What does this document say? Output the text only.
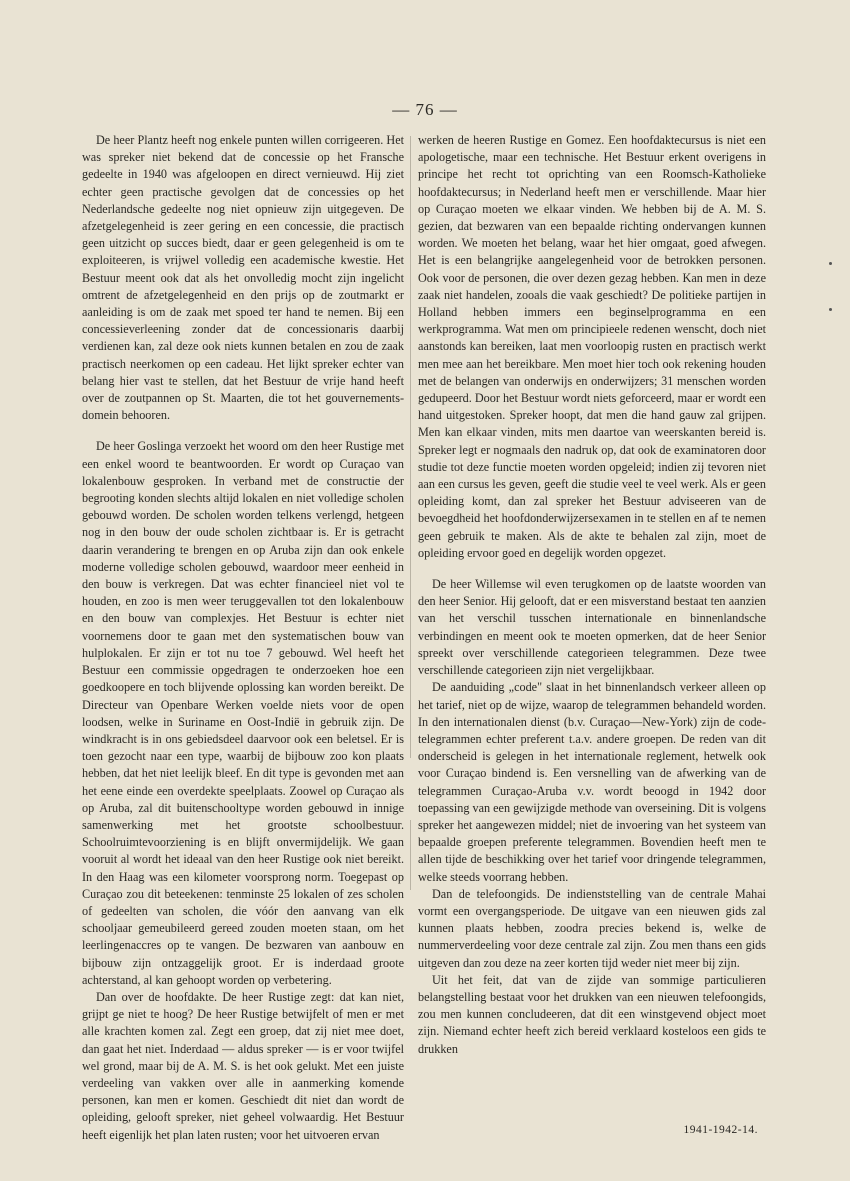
— 76 —

De heer Plantz heeft nog enkele punten willen corrigeeren. Het was spreker niet bekend dat de concessie op het Fransche gedeelte in 1940 was afgeloopen en direct vernieuwd. Hij ziet echter geen practische gevolgen dat de concessies op het Nederlandsche gedeelte nog niet opnieuw zijn uitgegeven. De afzetgelegenheid is zeer gering en een concessie, die practisch geen uitzicht op succes biedt, daar er geen gelegenheid is om te exploiteeren, is vrijwel volledig een academische kwestie. Het Bestuur meent ook dat als het onvolledig mocht zijn ingelicht omtrent de afzetgelegenheid en den prijs op de zoutmarkt er aanleiding is om de zaak met spoed ter hand te nemen. Bij een concessieverleening zonder dat de concessionaris daarbij verdienen kan, zal deze ook niets kunnen betalen en zou de zaak practisch neerkomen op een cadeau. Het lijkt spreker echter van belang hier vast te stellen, dat het Bestuur de vrije hand heeft over de zoutpannen op St. Maarten, die tot het gouvernements-domein behooren.

De heer Goslinga verzoekt het woord om den heer Rustige met een enkel woord te beantwoorden. Er wordt op Curaçao van lokalenbouw gesproken. In verband met de constructie der begrooting konden slechts altijd lokalen en niet volledige scholen gebouwd worden. De scholen worden telkens verlengd, hetgeen nog in den bouw der oude scholen zichtbaar is. Er is getracht daarin verandering te brengen en op Aruba zijn dan ook enkele moderne volledige scholen gebouwd, waardoor meer eenheid in den bouw is verkregen. Dat was echter financieel niet vol te houden, en zoo is men weer teruggevallen tot den lokalenbouw en den bouw van complexjes. Het Bestuur is echter niet voornemens door te gaan met den systematischen bouw van hulplokalen. Er zijn er tot nu toe 7 gebouwd. Wel heeft het Bestuur een commissie opgedragen te onderzoeken hoe een goedkoopere en toch blijvende oplossing kan worden bereikt. De Directeur van Openbare Werken voelde niets voor de open loodsen, welke in Suriname en Oost-Indië in gebruik zijn. De windkracht is in ons gebiedsdeel daarvoor ook een beletsel. Er is toen gezocht naar een type, waarbij de bijbouw zoo kon plaats hebben, dat het niet leelijk bleef. En dit type is gevonden met aan het eene einde een overdekte speelplaats. Zoowel op Curaçao als op Aruba, zal dit buitenschooltype worden gebouwd in innige samenwerking met het grootste schoolbestuur. Schoolruimtevoorziening is en blijft onvermijdelijk. We gaan vooruit al wordt het ideaal van den heer Rustige ook niet bereikt. In den Haag was een kilometer voorsprong norm. Toegepast op Curaçao zou dit beteekenen: tenminste 25 lokalen of zes scholen of gedeelten van scholen, die vóór den aanvang van elk schooljaar gemeubileerd gereed zouden moeten staan, om het leerlingenaccres op te vangen. De bezwaren van aanbouw en bijbouw zijn ontzaggelijk groot. Er is inderdaad groote achterstand, al kan gehoopt worden op verbetering.

Dan over de hoofdakte. De heer Rustige zegt: dat kan niet, grijpt ge niet te hoog? De heer Rustige betwijfelt of men er met alle krachten komen zal. Zegt een groep, dat zij niet mee doet, dan gaat het niet. Inderdaad — aldus spreker — is er voor twijfel wel grond, maar bij de A. M. S. is het ook gelukt. Met een juiste verdeeling van vakken over alle in aanmerking komende personen, kan men er komen. Geschiedt dit niet dan wordt de opleiding, gelooft spreker, niet geheel volwaardig. Het Bestuur heeft eigenlijk het plan laten rusten; voor het uitvoeren ervan

werken de heeren Rustige en Gomez. Een hoofdaktecursus is niet een apologetische, maar een technische. Het Bestuur erkent overigens in principe het recht tot oprichting van een Roomsch-Katholieke hoofdaktecursus; in Nederland heeft men er verschillende. Maar hier op Curaçao moeten we elkaar vinden. We hebben bij de A. M. S. gezien, dat bezwaren van een bepaalde richting ondervangen kunnen worden. We moeten het belang, waar het hier omgaat, goed afwegen. Het is een belangrijke aangelegenheid voor de betrokken personen. Ook voor de personen, die over dezen gezag hebben. Kan men in deze zaak niet handelen, zooals die vaak geschiedt? De politieke partijen in Holland hebben immers een beginselprogramma en een werkprogramma. Wat men om principieele redenen wenscht, doch niet aanstonds kan bereiken, laat men voorloopig rusten en practisch werkt men mee aan het bereikbare. Men moet hier toch ook rekening houden met de belangen van onderwijs en onderwijzers; 31 menschen worden gedupeerd. Door het Bestuur wordt niets geforceerd, maar er wordt een hand uitgestoken. Spreker hoopt, dat men die hand gauw zal grijpen. Men kan elkaar vinden, mits men daartoe van weerskanten bereid is. Spreker legt er nogmaals den nadruk op, dat ook de examinatoren door studie tot deze functie moeten worden opgeleid; indien zij tevoren niet aan een cursus les geven, geeft die studie veel te veel werk. Als er geen opleiding komt, dan zal spreker het Bestuur adviseeren van de bevoegdheid het hoofdonderwijzersexamen in te stellen en af te nemen geen gebruik te maken. Als de akte te behalen zal zijn, moet de opleiding ervoor goed en degelijk worden opgezet.

De heer Willemse wil even terugkomen op de laatste woorden van den heer Senior. Hij gelooft, dat er een misverstand bestaat ten aanzien van het verschil tusschen internationale en binnenlandsche verbindingen en meent ook te moeten opmerken, dat de heer Senior spreekt over verschillende categorieen telegrammen. Deze twee verschillende categorieen zijn niet vergelijkbaar.

De aanduiding „code" slaat in het binnenlandsch verkeer alleen op het tarief, niet op de wijze, waarop de telegrammen behandeld worden. In den internationalen dienst (b.v. Curaçao—New-York) zijn de code-telegrammen echter preferent t.a.v. andere groepen. De reden van dit onderscheid is gelegen in het internationale reglement, hetwelk ook voor Curaçao bindend is. Een versnelling van de afwerking van de telegrammen Curaçao-Aruba v.v. wordt beoogd in 1942 door toepassing van een gewijzigde methode van overseining. Dit is volgens spreker het aangewezen middel; niet de invoering van het systeem van bepaalde groepen preferente telegrammen. Bovendien heeft men te allen tijde de beschikking over het tarief voor dringende telegrammen, welke steeds voorrang hebben.

Dan de telefoongids. De indienststelling van de centrale Mahai vormt een overgangsperiode. De uitgave van een nieuwen gids zal kunnen plaats hebben, zoodra precies bekend is, welke de nummerverdeeling voor deze centrale zal zijn. Zou men thans een gids uitgeven dan zou deze na zeer korten tijd weder niet meer bij zijn.

Uit het feit, dat van de zijde van sommige particulieren belangstelling bestaat voor het drukken van een nieuwen telefoongids, zou men kunnen concludeeren, dat dit een winstgevend object moet zijn. Niemand echter heeft zich bereid verklaard kosteloos een gids te drukken

1941-1942-14.
